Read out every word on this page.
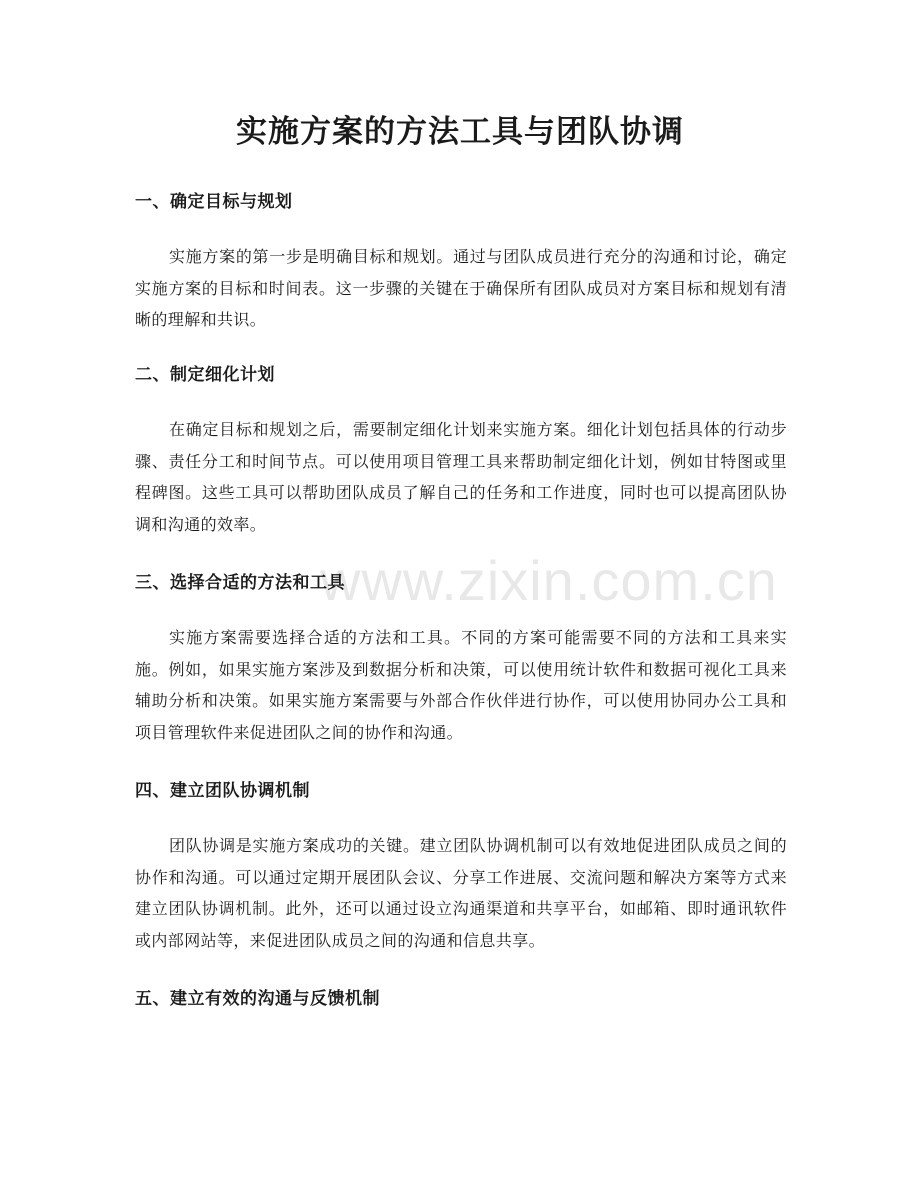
实施方案的方法工具与团队协调
一、确定目标与规划

实施方案的第一步是明确目标和规划。通过与团队成员进行充分的沟通和讨论，确定实施方案的目标和时间表。这一步骤的关键在于确保所有团队成员对方案目标和规划有清晰的理解和共识。

二、制定细化计划

在确定目标和规划之后，需要制定细化计划来实施方案。细化计划包括具体的行动步骤、责任分工和时间节点。可以使用项目管理工具来帮助制定细化计划，例如甘特图或里程碑图。这些工具可以帮助团队成员了解自己的任务和工作进度，同时也可以提高团队协调和沟通的效率。

三、选择合适的方法和工具

实施方案需要选择合适的方法和工具。不同的方案可能需要不同的方法和工具来实施。例如，如果实施方案涉及到数据分析和决策，可以使用统计软件和数据可视化工具来辅助分析和决策。如果实施方案需要与外部合作伙伴进行协作，可以使用协同办公工具和项目管理软件来促进团队之间的协作和沟通。

四、建立团队协调机制

团队协调是实施方案成功的关键。建立团队协调机制可以有效地促进团队成员之间的协作和沟通。可以通过定期开展团队会议、分享工作进展、交流问题和解决方案等方式来建立团队协调机制。此外，还可以通过设立沟通渠道和共享平台，如邮箱、即时通讯软件或内部网站等，来促进团队成员之间的沟通和信息共享。

五、建立有效的沟通与反馈机制
www.zixin.com.cn
